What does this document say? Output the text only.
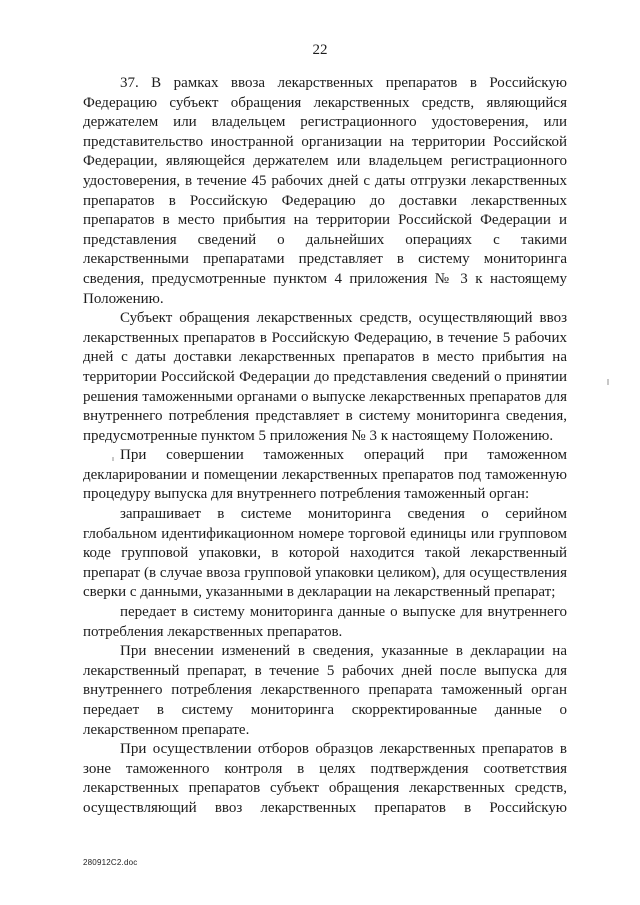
22
37. В рамках ввоза лекарственных препаратов в Российскую
Федерацию субъект обращения лекарственных средств, являющийся
держателем или владельцем регистрационного удостоверения, или
представительство иностранной организации на территории Российской
Федерации, являющейся держателем или владельцем регистрационного
удостоверения, в течение 45 рабочих дней с даты отгрузки лекарственных
препаратов в Российскую Федерацию до доставки лекарственных
препаратов в место прибытия на территории Российской Федерации и
представления сведений о дальнейших операциях с такими
лекарственными препаратами представляет в систему мониторинга
сведения, предусмотренные пунктом 4 приложения № 3 к настоящему
Положению.
Субъект обращения лекарственных средств, осуществляющий ввоз
лекарственных препаратов в Российскую Федерацию, в течение 5 рабочих
дней с даты доставки лекарственных препаратов в место прибытия на
территории Российской Федерации до представления сведений о принятии
решения таможенными органами о выпуске лекарственных препаратов для
внутреннего потребления представляет в систему мониторинга сведения,
предусмотренные пунктом 5 приложения № 3 к настоящему Положению.
При совершении таможенных операций при таможенном
декларировании и помещении лекарственных препаратов под таможенную
процедуру выпуска для внутреннего потребления таможенный орган:
запрашивает в системе мониторинга сведения о серийном
глобальном идентификационном номере торговой единицы или групповом
коде групповой упаковки, в которой находится такой лекарственный
препарат (в случае ввоза групповой упаковки целиком), для осуществления
сверки с данными, указанными в декларации на лекарственный препарат;
передает в систему мониторинга данные о выпуске для внутреннего
потребления лекарственных препаратов.
При внесении изменений в сведения, указанные в декларации на
лекарственный препарат, в течение 5 рабочих дней после выпуска для
внутреннего потребления лекарственного препарата таможенный орган
передает в систему мониторинга скорректированные данные о
лекарственном препарате.
При осуществлении отборов образцов лекарственных препаратов в
зоне таможенного контроля в целях подтверждения соответствия
лекарственных препаратов субъект обращения лекарственных средств,
осуществляющий ввоз лекарственных препаратов в Российскую
280912C2.doc
